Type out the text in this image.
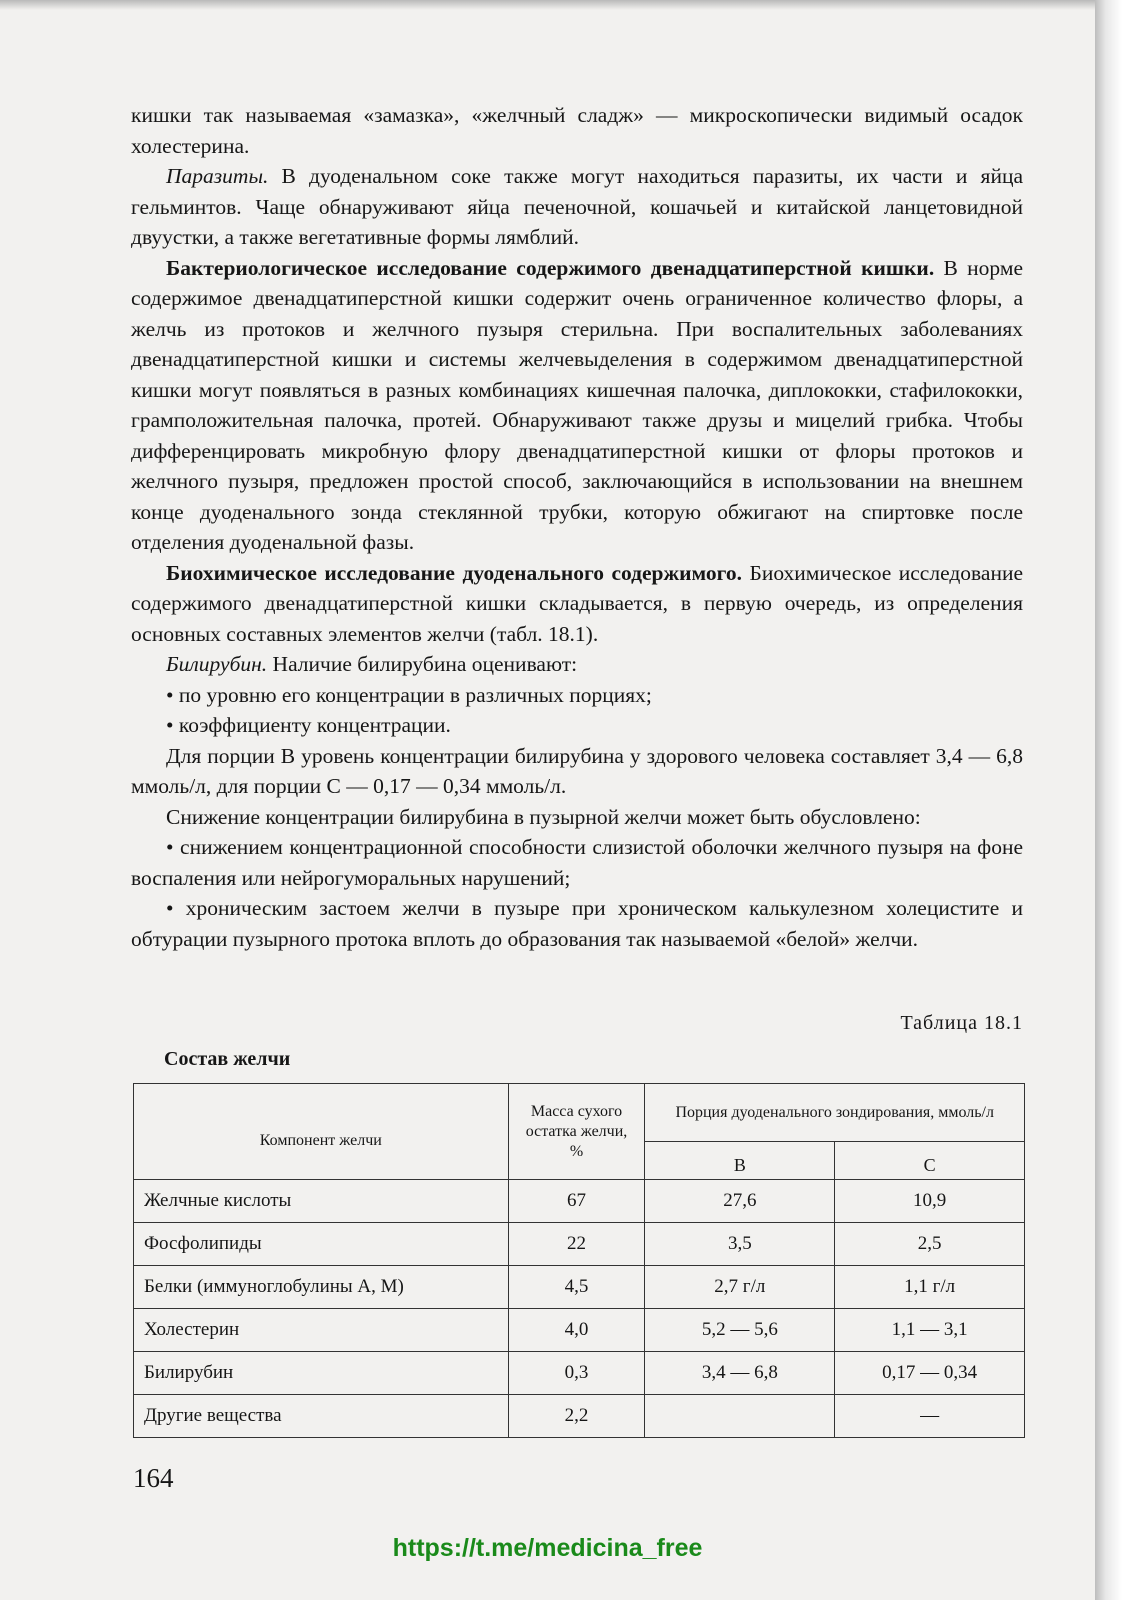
кишки так называемая «замазка», «желчный сладж» — микроскопически видимый осадок холестерина.

Паразиты. В дуоденальном соке также могут находиться паразиты, их части и яйца гельминтов. Чаще обнаруживают яйца печеночной, кошачьей и китайской ланцетовидной двуустки, а также вегетативные формы лямблий.

Бактериологическое исследование содержимого двенадцатиперстной кишки. В норме содержимое двенадцатиперстной кишки содержит очень ограниченное количество флоры, а желчь из протоков и желчного пузыря стерильна. При воспалительных заболеваниях двенадцатиперстной кишки и системы желчевыделения в содержимом двенадцатиперстной кишки могут появляться в разных комбинациях кишечная палочка, диплококки, стафилококки, грамположительная палочка, протей. Обнаруживают также друзы и мицелий грибка. Чтобы дифференцировать микробную флору двенадцатиперстной кишки от флоры протоков и желчного пузыря, предложен простой способ, заключающийся в использовании на внешнем конце дуоденального зонда стеклянной трубки, которую обжигают на спиртовке после отделения дуоденальной фазы.

Биохимическое исследование дуоденального содержимого. Биохимическое исследование содержимого двенадцатиперстной кишки складывается, в первую очередь, из определения основных составных элементов желчи (табл. 18.1).

Билирубин. Наличие билирубина оценивают:

• по уровню его концентрации в различных порциях;

• коэффициенту концентрации.

Для порции B уровень концентрации билирубина у здорового человека составляет 3,4 — 6,8 ммоль/л, для порции C — 0,17 — 0,34 ммоль/л.

Снижение концентрации билирубина в пузырной желчи может быть обусловлено:

• снижением концентрационной способности слизистой оболочки желчного пузыря на фоне воспаления или нейрогуморальных нарушений;

• хроническим застоем желчи в пузыре при хроническом калькулезном холецистите и обтурации пузырного протока вплоть до образования так называемой «белой» желчи.

Таблица 18.1
Состав желчи
Компонент желчи	Масса сухого остатка желчи, %	Порция дуоденального зондирования, ммоль/л	
		B	C
Желчные кислоты	67	27,6	10,9
Фосфолипиды	22	3,5	2,5
Белки (иммуноглобулины A, M)	4,5	2,7 г/л	1,1 г/л
Холестерин	4,0	5,2 — 5,6	1,1 — 3,1
Билирубин	0,3	3,4 — 6,8	0,17 — 0,34
Другие вещества	2,2		—
164
https://t.me/medicina_free
